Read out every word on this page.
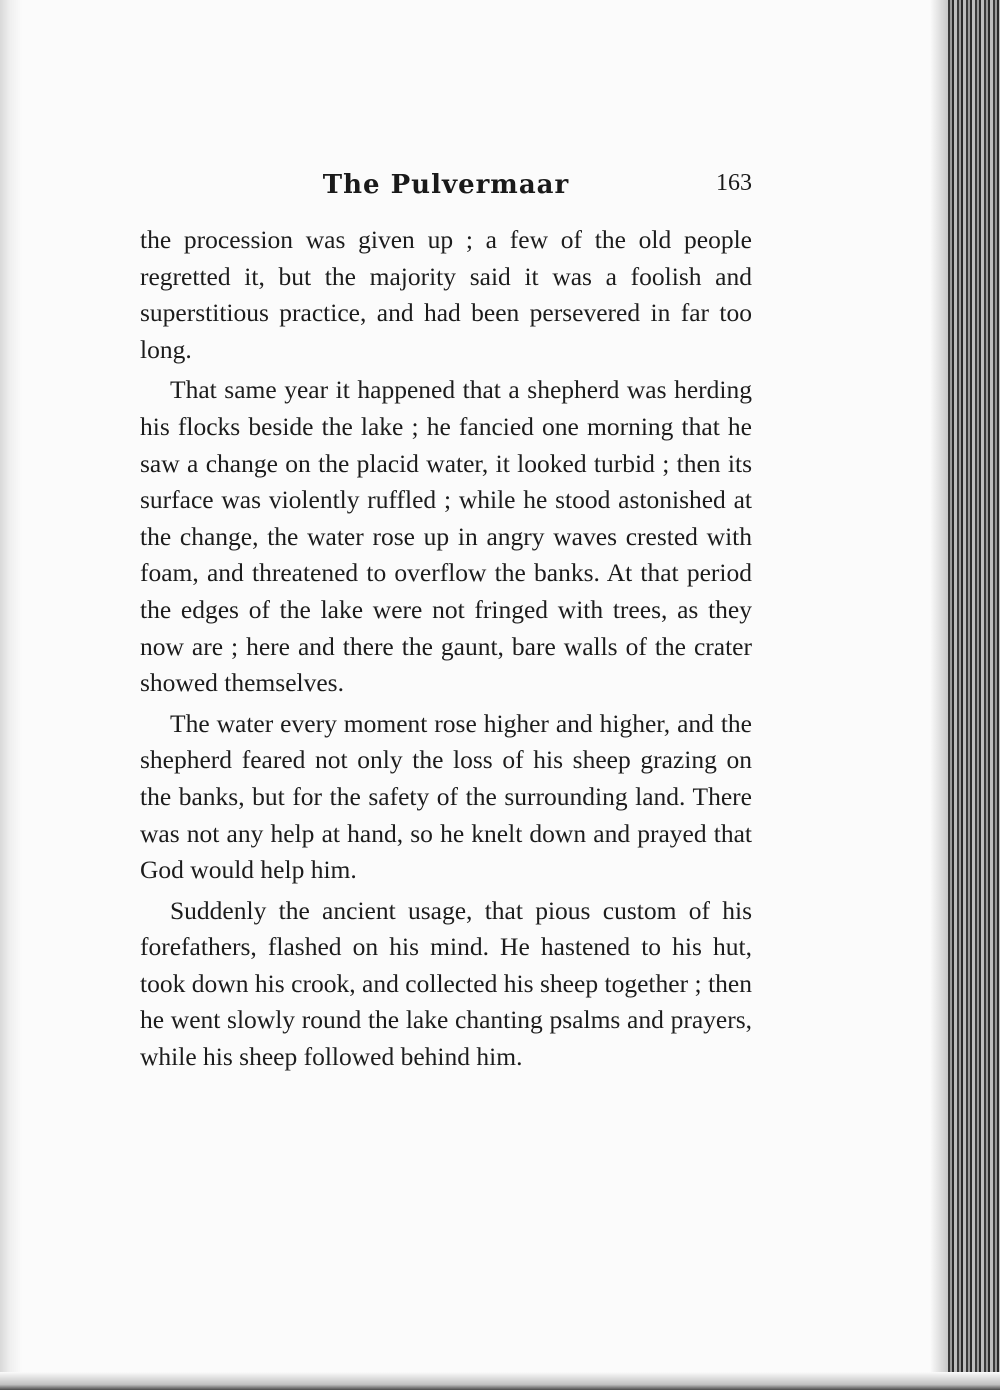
The Pulvermaar	163

the procession was given up ; a few of the old people regretted it, but the majority said it was a foolish and superstitious practice, and had been persevered in far too long.

That same year it happened that a shepherd was herding his flocks beside the lake ; he fancied one morning that he saw a change on the placid water, it looked turbid ; then its surface was violently ruffled ; while he stood astonished at the change, the water rose up in angry waves crested with foam, and threatened to overflow the banks. At that period the edges of the lake were not fringed with trees, as they now are ; here and there the gaunt, bare walls of the crater showed themselves.

The water every moment rose higher and higher, and the shepherd feared not only the loss of his sheep grazing on the banks, but for the safety of the surrounding land. There was not any help at hand, so he knelt down and prayed that God would help him.

Suddenly the ancient usage, that pious custom of his forefathers, flashed on his mind. He hastened to his hut, took down his crook, and collected his sheep together ; then he went slowly round the lake chanting psalms and prayers, while his sheep followed behind him.
